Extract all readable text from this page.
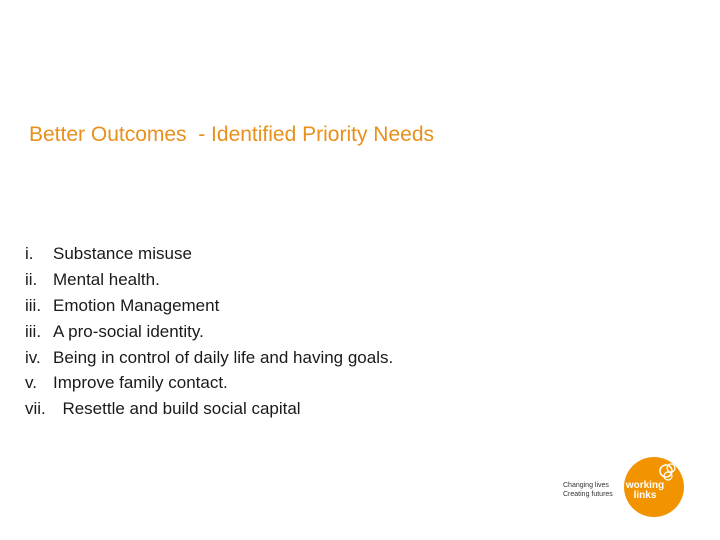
Better Outcomes  - Identified Priority Needs
i. Substance misuse
ii. Mental health.
iii. Emotion Management
iii. A pro-social identity.
iv. Being in control of daily life and having goals.
v. Improve family contact.
vii.  Resettle and build social capital
Changing lives
Creating futures
working
links
